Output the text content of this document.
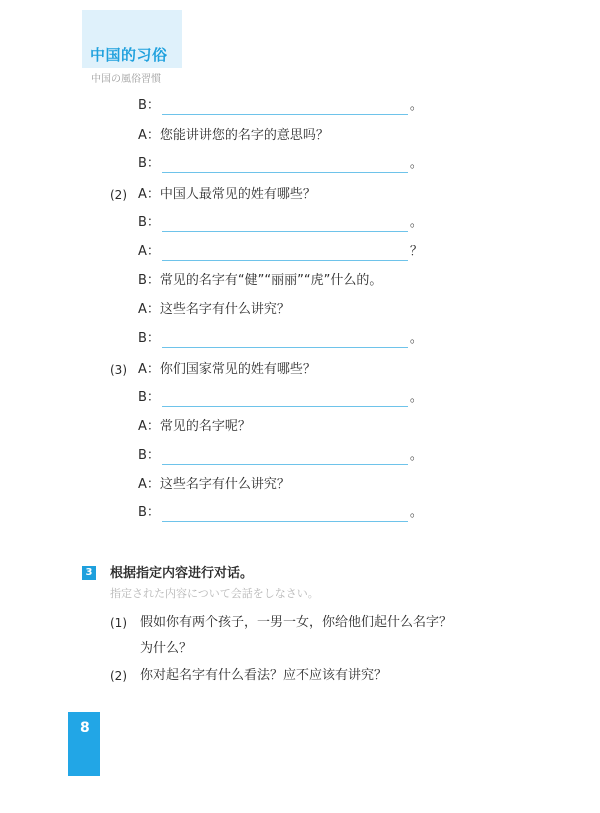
中国的习俗
中国の風俗習慣
B：	。
A：您能讲讲您的名字的意思吗？
B：	。
(2) A：中国人最常见的姓有哪些？
B：	。
A：	？
B：常见的名字有“健”“丽丽”“虎”什么的。
A：这些名字有什么讲究？
B：	。
(3) A：你们国家常见的姓有哪些？
B：	。
A：常见的名字呢？
B：	。
A：这些名字有什么讲究？
B：	。
3 根据指定内容进行对话。
指定された内容について会話をしなさい。
(1) 假如你有两个孩子，一男一女，你给他们起什么名字？
为什么？
(2) 你对起名字有什么看法？应不应该有讲究？
8
